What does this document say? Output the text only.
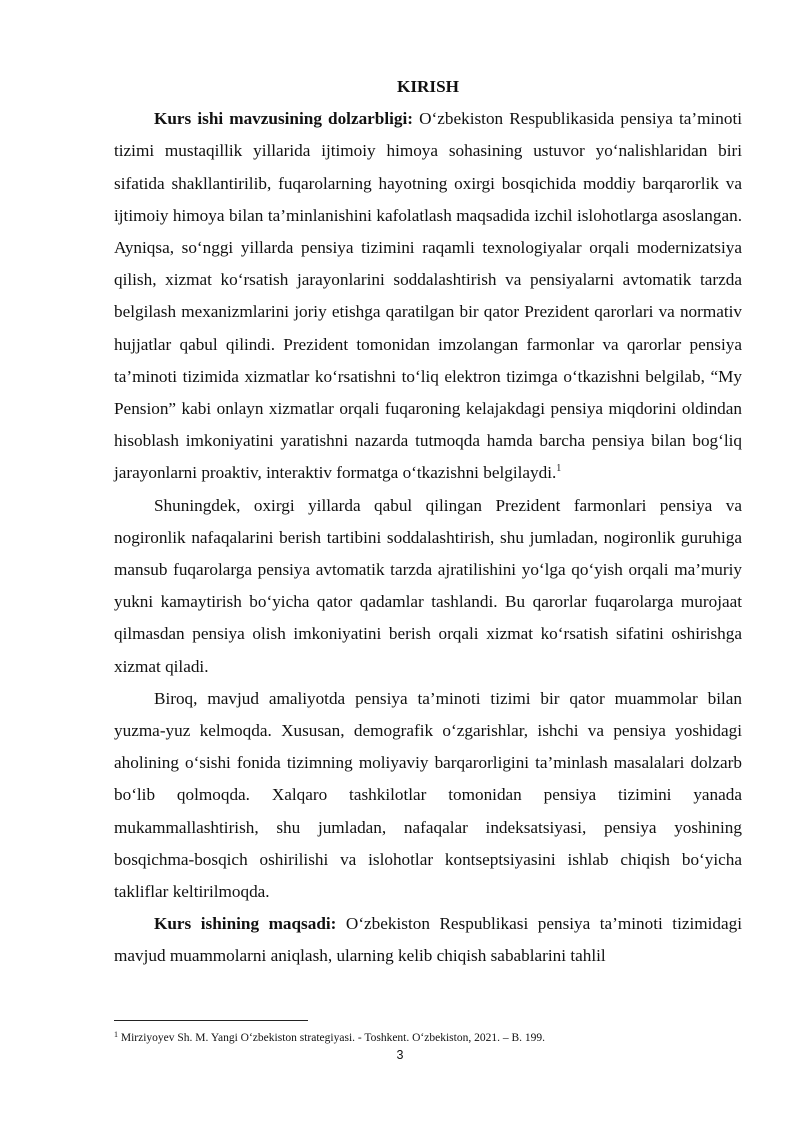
KIRISH

Kurs ishi mavzusining dolzarbligi: O‘zbekiston Respublikasida pensiya ta’minoti tizimi mustaqillik yillarida ijtimoiy himoya sohasining ustuvor yo‘nalishlaridan biri sifatida shakllantirilib, fuqarolarning hayotning oxirgi bosqichida moddiy barqarorlik va ijtimoiy himoya bilan ta’minlanishini kafolatlash maqsadida izchil islohotlarga asoslangan. Ayniqsa, so‘nggi yillarda pensiya tizimini raqamli texnologiyalar orqali modernizatsiya qilish, xizmat ko‘rsatish jarayonlarini soddalashtirish va pensiyalarni avtomatik tarzda belgilash mexanizmlarini joriy etishga qaratilgan bir qator Prezident qarorlari va normativ hujjatlar qabul qilindi. Prezident tomonidan imzolangan farmonlar va qarorlar pensiya ta’minoti tizimida xizmatlar ko‘rsatishni to‘liq elektron tizimga o‘tkazishni belgilab, “My Pension” kabi onlayn xizmatlar orqali fuqaroning kelajakdagi pensiya miqdorini oldindan hisoblash imkoniyatini yaratishni nazarda tutmoqda hamda barcha pensiya bilan bog‘liq jarayonlarni proaktiv, interaktiv formatga o‘tkazishni belgilaydi.$^1$

Shuningdek, oxirgi yillarda qabul qilingan Prezident farmonlari pensiya va nogironlik nafaqalarini berish tartibini soddalashtirish, shu jumladan, nogironlik guruhiga mansub fuqarolarga pensiya avtomatik tarzda ajratilishini yo‘lga qo‘yish orqali ma’muriy yukni kamaytirish bo‘yicha qator qadamlar tashlandi. Bu qarorlar fuqarolarga murojaat qilmasdan pensiya olish imkoniyatini berish orqali xizmat ko‘rsatish sifatini oshirishga xizmat qiladi.

Biroq, mavjud amaliyotda pensiya ta’minoti tizimi bir qator muammolar bilan yuzma-yuz kelmoqda. Xususan, demografik o‘zgarishlar, ishchi va pensiya yoshidagi aholining o‘sishi fonida tizimning moliyaviy barqarorligini ta’minlash masalalari dolzarb bo‘lib qolmoqda. Xalqaro tashkilotlar tomonidan pensiya tizimini yanada mukammallashtirish, shu jumladan, nafaqalar indeksatsiyasi, pensiya yoshining bosqichma-bosqich oshirilishi va islohotlar kontseptsiyasini ishlab chiqish bo‘yicha takliflar keltirilmoqda.

Kurs ishining maqsadi: O‘zbekiston Respublikasi pensiya ta’minoti tizimidagi mavjud muammolarni aniqlash, ularning kelib chiqish sabablarini tahlil

$^1$ Mirziyoyev Sh. M. Yangi O‘zbekiston strategiyasi. - Toshkent. O‘zbekiston, 2021. – B. 199.
3
